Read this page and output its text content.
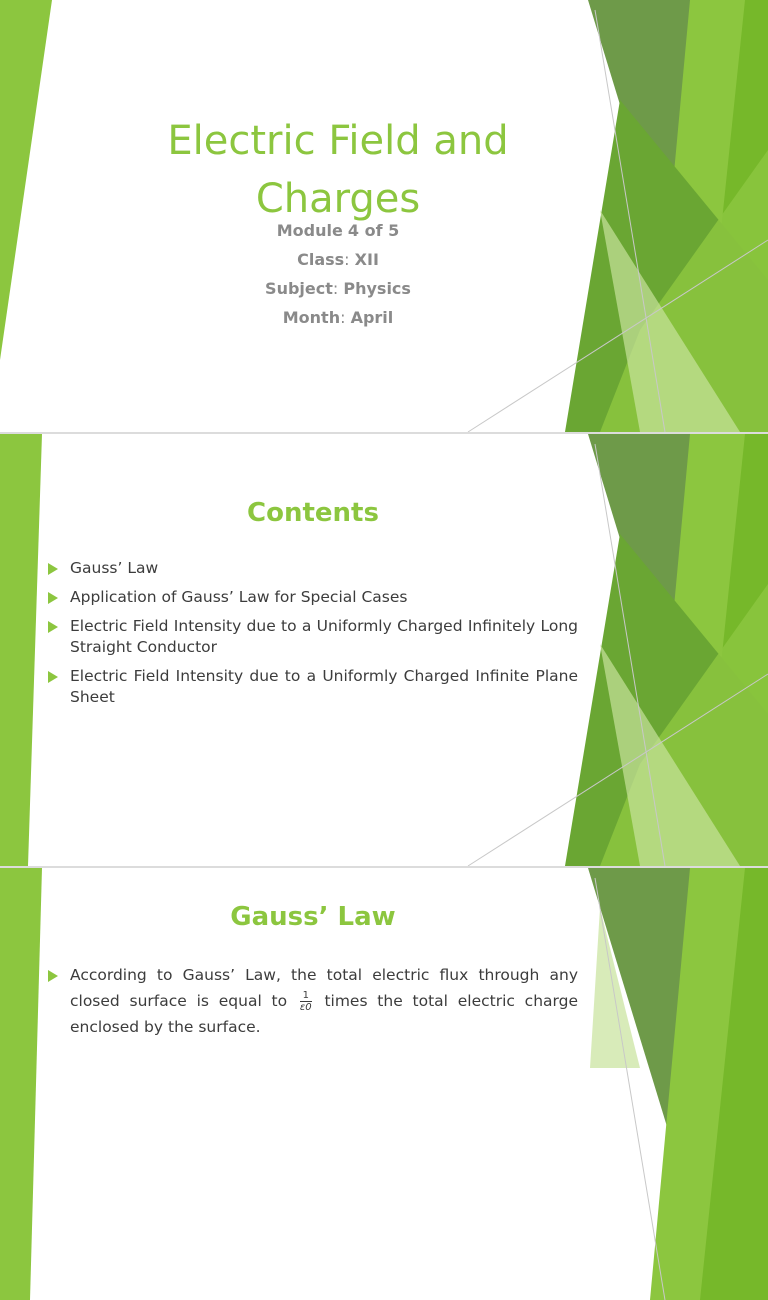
Electric Field and Charges
Module 4 of 5
Class: XII
Subject: Physics
Month: April
Contents
Gauss’ Law
Application of Gauss’ Law for Special Cases
Electric Field Intensity due to a Uniformly Charged Infinitely Long Straight Conductor
Electric Field Intensity due to a Uniformly Charged Infinite Plane Sheet
Gauss’ Law
According to Gauss’ Law, the total electric flux through any closed surface is equal to $\frac{1}{\varepsilon 0}$ times the total electric charge enclosed by the surface.
